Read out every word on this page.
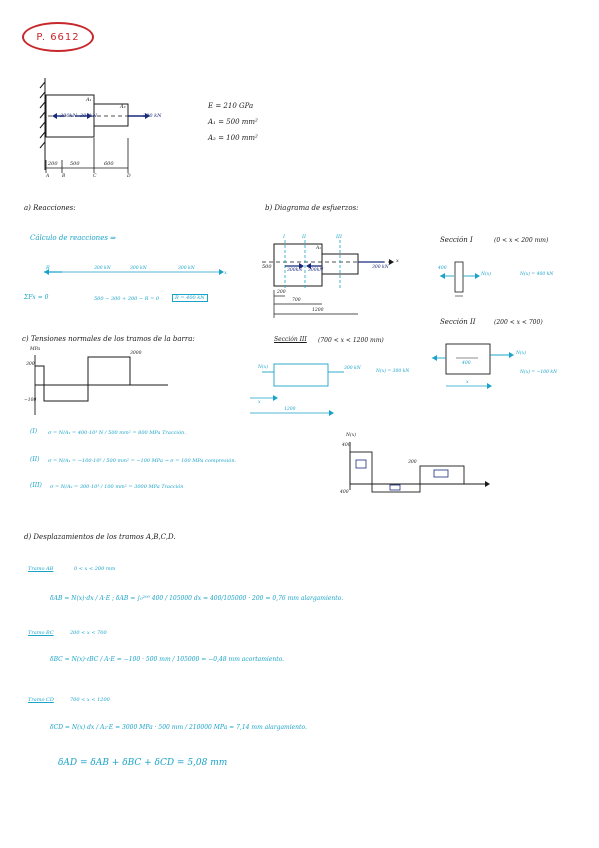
P. 6612
300kN 300kN	300 kN
A₁
A₂
200 500	600
A	B	C	D
E = 210 GPa
A₁ = 500 mm²
A₂ = 100 mm²
a) Reacciones:
Cálculo de reacciones ⇒
R	300 kN	300 kN	300 kN
x
ΣFx = 0	500 − 300 + 200 − R = 0	R = 400 kN
b) Diagrama de esfuerzos:
I	II	III
A₁
500
300kN 300kN
300 kN
x
200
700
1200
Sección I	(0 < x < 200 mm)
400
N(x)	N(x) = 400 kN
Sección II	(200 < x < 700)
400
N(x)
N(x) = −100 kN
x
Sección III (700 < x < 1200 mm)
N(x)	300 kN
N(x) = 300 kN
x
1200
N(x)
400
300
400
c) Tensiones normales de los tramos de la barra:
MPa
300
3000
−100
(I) σ = N/A₁ = 400·10³ N / 500 mm² = 800 MPa Tracción.
(II) σ = N/A₁ = −100·10³ / 500 mm² = −100 MPa → σ = 100 MPa compresión.
(III) σ = N/A₂ = 300·10³ / 100 mm² = 3000 MPa Tracción
d) Desplazamientos de los tramos A,B,C,D.
Tramo AB	0 < x < 200 mm
δAB = N(x)·dx / A·E ; δAB = ∫₀²⁰⁰ 400 / 105000 dx = 400/105000 · 200 = 0,76 mm alargamiento.
Tramo BC	200 < x < 700
δBC = N(x)·ℓBC / A·E = −100 · 500 mm / 105000 = −0,48 mm acortamiento.
Tramo CD	700 < x < 1200
δCD = N(x) dx / A₂·E = 3000 MPa · 500 mm / 210000 MPa = 7,14 mm alargamiento.
δAD = δAB + δBC + δCD = 5,08 mm
